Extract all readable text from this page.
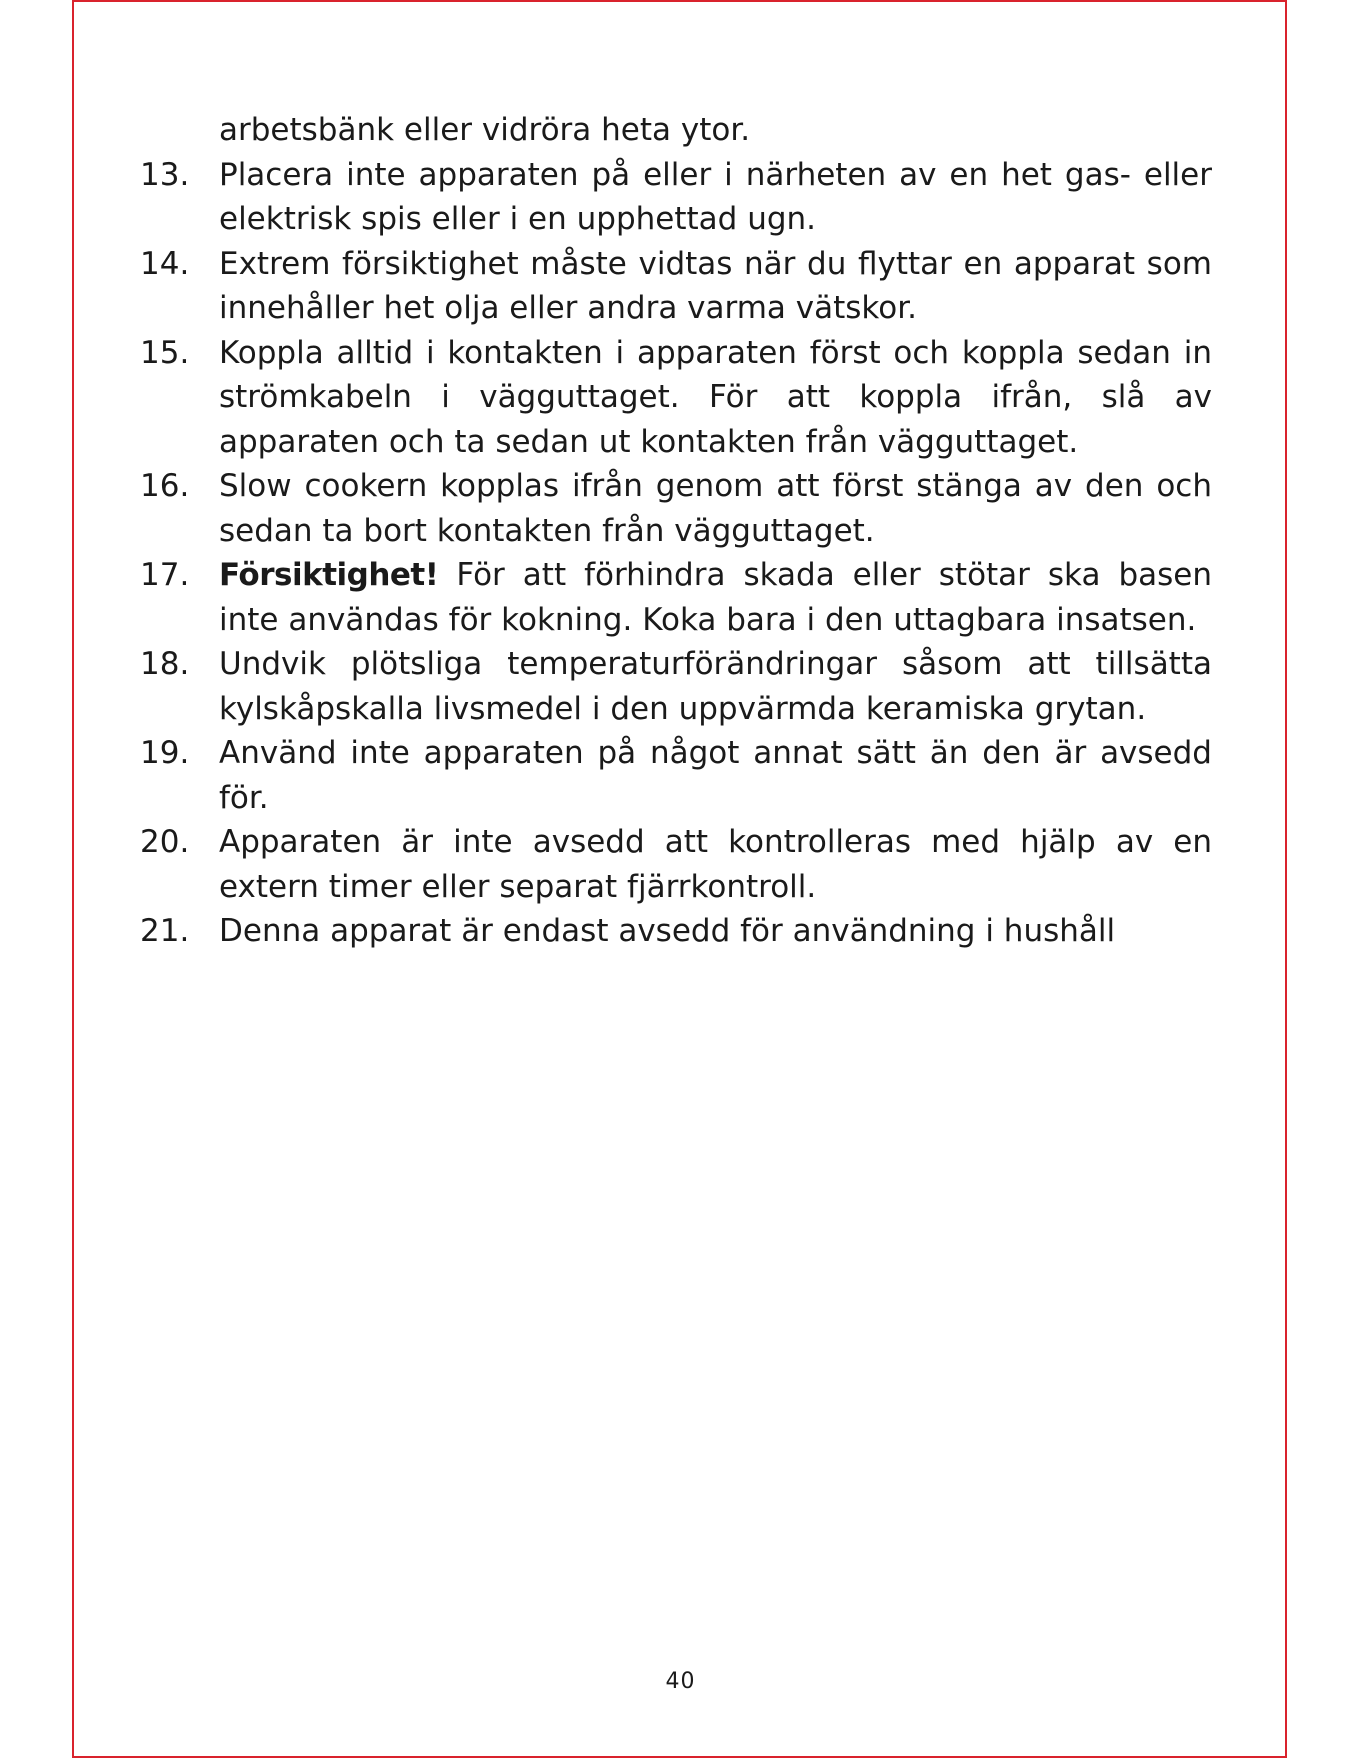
arbetsbänk eller vidröra heta ytor.
13. Placera inte apparaten på eller i närheten av en het gas- eller elektrisk spis eller i en upphettad ugn.
14. Extrem försiktighet måste vidtas när du flyttar en apparat som innehåller het olja eller andra varma vätskor.
15. Koppla alltid i kontakten i apparaten först och koppla sedan in strömkabeln i vägguttaget. För att koppla ifrån, slå av apparaten och ta sedan ut kontakten från vägguttaget.
16. Slow cookern kopplas ifrån genom att först stänga av den och sedan ta bort kontakten från vägguttaget.
17. Försiktighet! För att förhindra skada eller stötar ska basen inte användas för kokning. Koka bara i den uttagbara insatsen.
18. Undvik plötsliga temperaturförändringar såsom att tillsätta kylskåpskalla livsmedel i den uppvärmda keramiska grytan.
19. Använd inte apparaten på något annat sätt än den är avsedd för.
20. Apparaten är inte avsedd att kontrolleras med hjälp av en extern timer eller separat fjärrkontroll.
21. Denna apparat är endast avsedd för användning i hushåll
40
